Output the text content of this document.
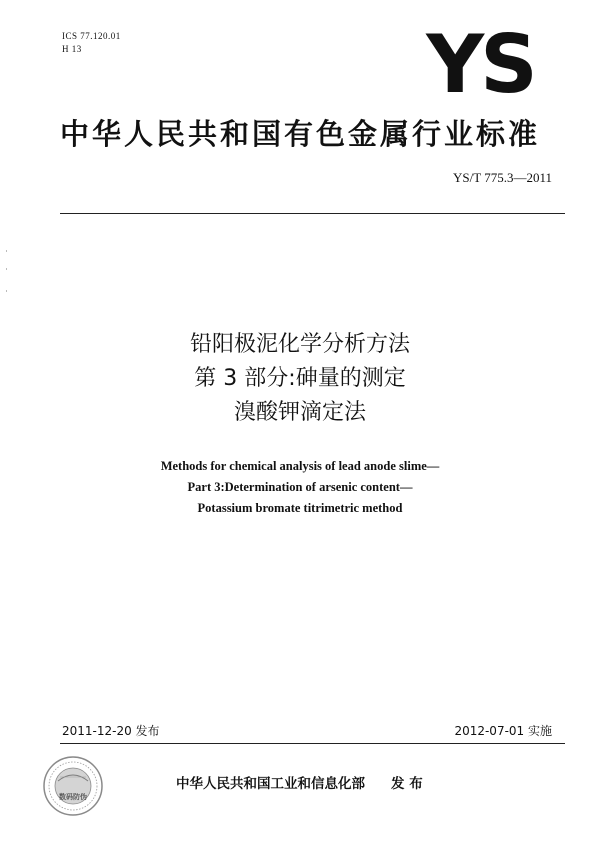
ICS 77.120.01
H 13	YS
中华人民共和国有色金属行业标准
YS/T 775.3—2011
铅阳极泥化学分析方法
第 3 部分:砷量的测定
溴酸钾滴定法
Methods for chemical analysis of lead anode slime—
Part 3:Determination of arsenic content—
Potassium bromate titrimetric method
2011-12-20 发布	2012-07-01 实施
数码防伪
中华人民共和国工业和信息化部 发 布
